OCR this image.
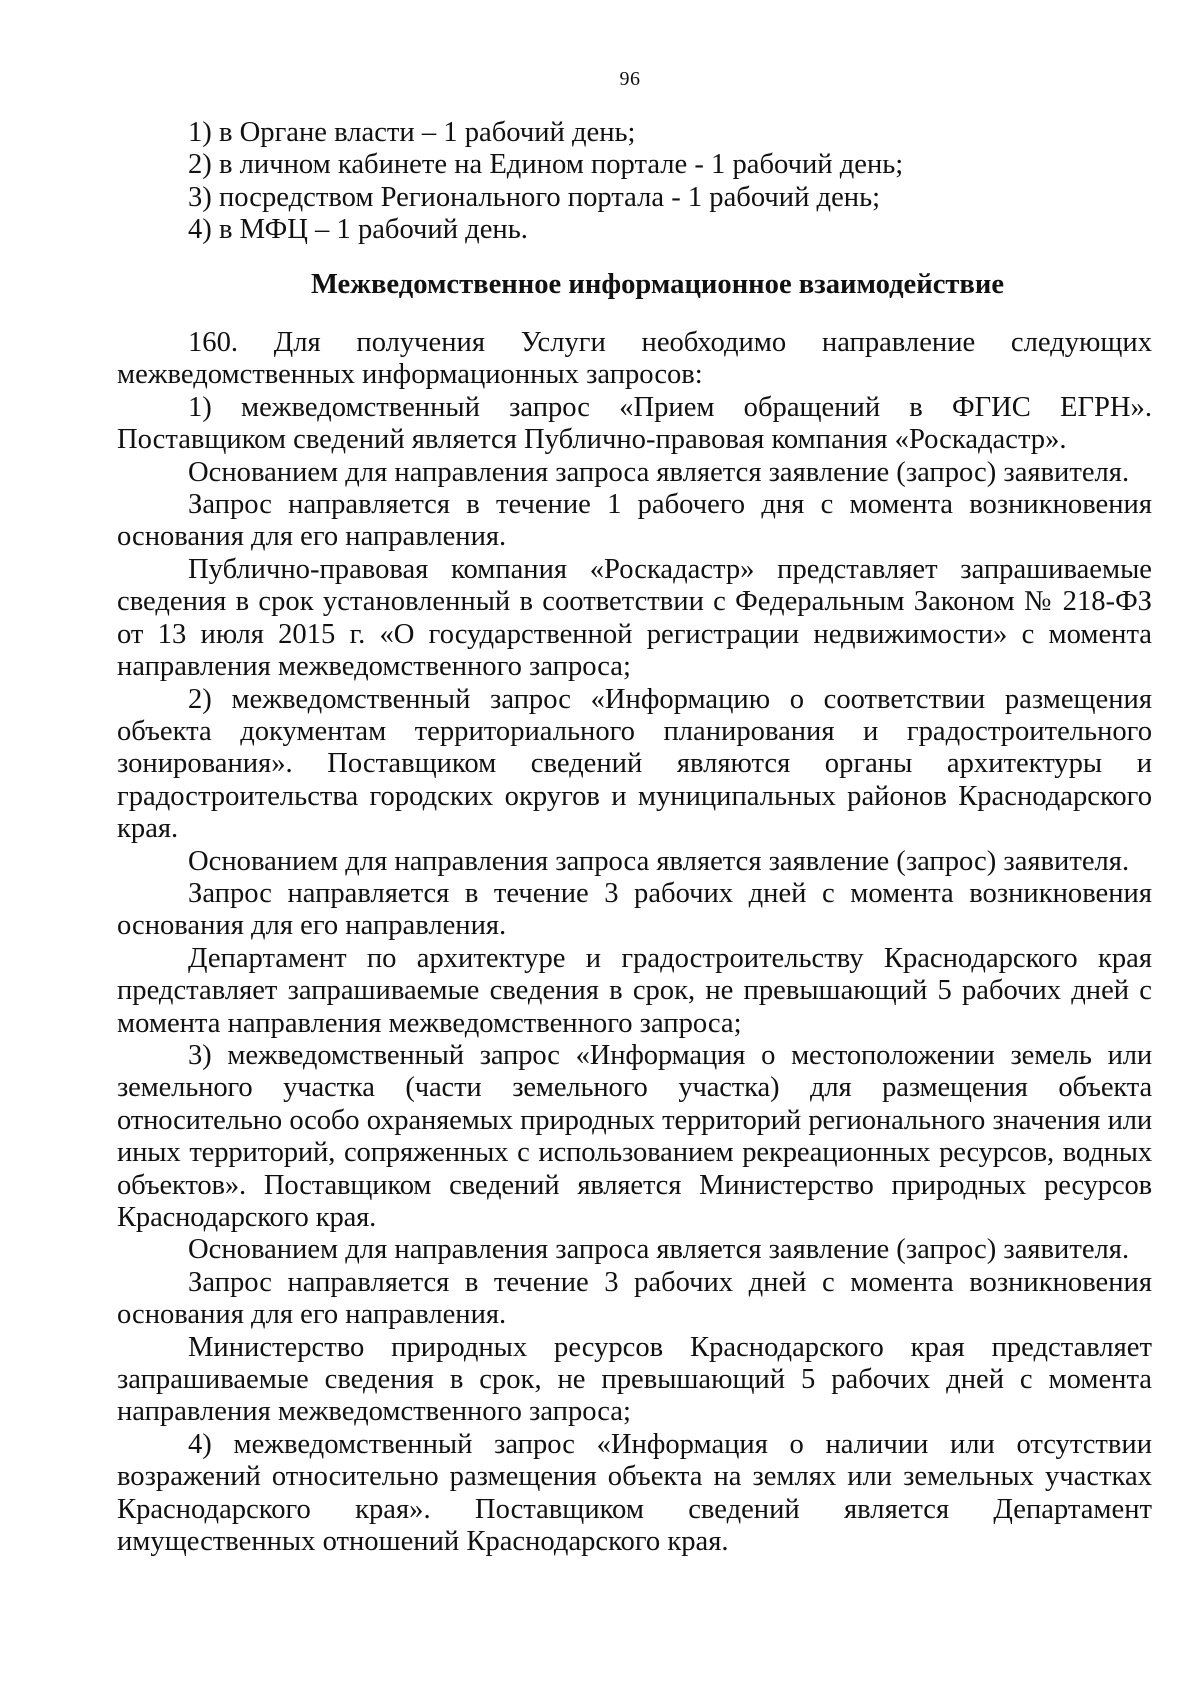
96

1) в Органе власти – 1 рабочий день;

2) в личном кабинете на Едином портале - 1 рабочий день;

3) посредством Регионального портала - 1 рабочий день;

4) в МФЦ – 1 рабочий день.

Межведомственное информационное взаимодействие

160. Для получения Услуги необходимо направление следующих межведомственных информационных запросов:

1) межведомственный запрос «Прием обращений в ФГИС ЕГРН». Поставщиком сведений является Публично-правовая компания «Роскадастр».

Основанием для направления запроса является заявление (запрос) заявителя.

Запрос направляется в течение 1 рабочего дня с момента возникновения основания для его направления.

Публично-правовая компания «Роскадастр» представляет запрашиваемые сведения в срок установленный в соответствии с Федеральным Законом № 218-ФЗ от 13 июля 2015 г. «О государственной регистрации недвижимости» с момента направления межведомственного запроса;

2) межведомственный запрос «Информацию о соответствии размещения объекта документам территориального планирования и градостроительного зонирования». Поставщиком сведений являются органы архитектуры и градостроительства городских округов и муниципальных районов Краснодарского края.

Основанием для направления запроса является заявление (запрос) заявителя.

Запрос направляется в течение 3 рабочих дней с момента возникновения основания для его направления.

Департамент по архитектуре и градостроительству Краснодарского края представляет запрашиваемые сведения в срок, не превышающий 5 рабочих дней с момента направления межведомственного запроса;

3) межведомственный запрос «Информация о местоположении земель или земельного участка (части земельного участка) для размещения объекта относительно особо охраняемых природных территорий регионального значения или иных территорий, сопряженных с использованием рекреационных ресурсов, водных объектов». Поставщиком сведений является Министерство природных ресурсов Краснодарского края.

Основанием для направления запроса является заявление (запрос) заявителя.

Запрос направляется в течение 3 рабочих дней с момента возникновения основания для его направления.

Министерство природных ресурсов Краснодарского края представляет запрашиваемые сведения в срок, не превышающий 5 рабочих дней с момента направления межведомственного запроса;

4) межведомственный запрос «Информация о наличии или отсутствии возражений относительно размещения объекта на землях или земельных участках Краснодарского края». Поставщиком сведений является Департамент имущественных отношений Краснодарского края.
